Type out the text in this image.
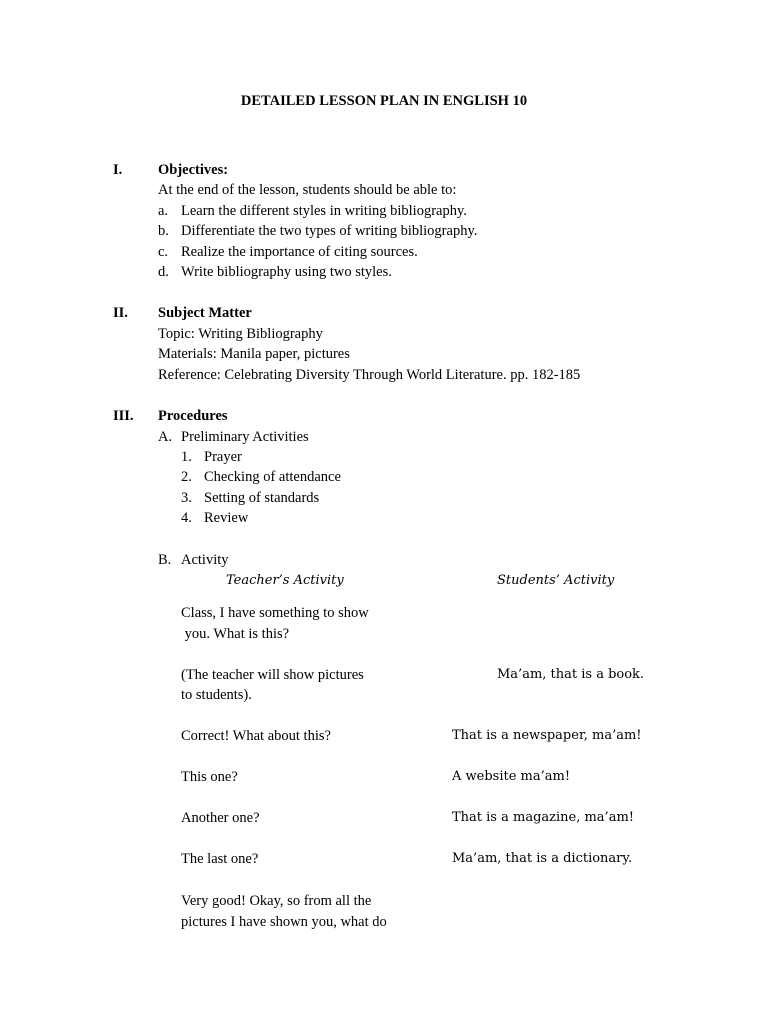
DETAILED LESSON PLAN IN ENGLISH 10
I. Objectives:
At the end of the lesson, students should be able to:
a. Learn the different styles in writing bibliography.
b. Differentiate the two types of writing bibliography.
c. Realize the importance of citing sources.
d. Write bibliography using two styles.
II. Subject Matter
Topic: Writing Bibliography
Materials: Manila paper, pictures
Reference: Celebrating Diversity Through World Literature. pp. 182-185
III. Procedures
A. Preliminary Activities
1. Prayer
2. Checking of attendance
3. Setting of standards
4. Review
B. Activity
Teacher’s Activity	Students’ Activity
Class, I have something to show
you. What is this?
(The teacher will show pictures
to students).
Correct! What about this?
This one?
Another one?
The last one?
Very good! Okay, so from all the
pictures I have shown you, what do
Ma’am, that is a book.
That is a newspaper, ma’am!
A website ma’am!
That is a magazine, ma’am!
Ma’am, that is a dictionary.
